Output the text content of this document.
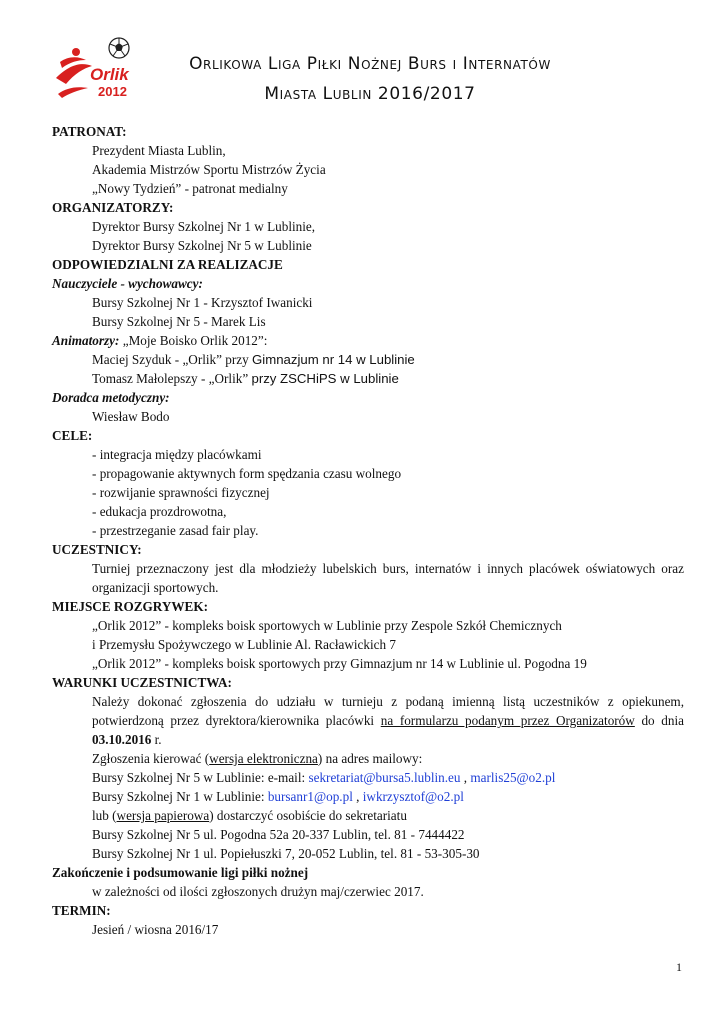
Orlik
2012
Orlikowa Liga Piłki Nożnej Burs i Internatów
Miasta Lublin 2016/2017
PATRONAT:
Prezydent Miasta Lublin,
Akademia Mistrzów Sportu Mistrzów Życia
„Nowy Tydzień” - patronat medialny
ORGANIZATORZY:
Dyrektor Bursy Szkolnej Nr 1 w Lublinie,
Dyrektor Bursy Szkolnej Nr 5 w Lublinie
ODPOWIEDZIALNI ZA REALIZACJE
Nauczyciele - wychowawcy:
Bursy Szkolnej Nr 1 - Krzysztof Iwanicki
Bursy Szkolnej Nr 5 - Marek Lis
Animatorzy: „Moje Boisko Orlik 2012”:
Maciej Szyduk - „Orlik” przy Gimnazjum nr 14 w Lublinie
Tomasz Małolepszy - „Orlik” przy ZSCHiPS w Lublinie
Doradca metodyczny:
Wiesław Bodo
CELE:
- integracja między placówkami
- propagowanie aktywnych form spędzania czasu wolnego
- rozwijanie sprawności fizycznej
- edukacja prozdrowotna,
- przestrzeganie zasad fair play.
UCZESTNICY:
Turniej przeznaczony jest dla młodzieży lubelskich burs, internatów i innych placówek oświatowych oraz organizacji sportowych.
MIEJSCE ROZGRYWEK:
„Orlik 2012” - kompleks boisk sportowych w Lublinie przy Zespole Szkół Chemicznych
i Przemysłu Spożywczego w Lublinie Al. Racławickich 7
„Orlik 2012” - kompleks boisk sportowych przy Gimnazjum nr 14 w Lublinie ul. Pogodna 19
WARUNKI UCZESTNICTWA:
Należy dokonać zgłoszenia do udziału w turnieju z podaną imienną listą uczestników z opiekunem, potwierdzoną przez dyrektora/kierownika placówki na formularzu podanym przez Organizatorów do dnia 03.10.2016 r.
Zgłoszenia kierować (wersja elektroniczna) na adres mailowy:
Bursy Szkolnej Nr 5 w Lublinie: e-mail: sekretariat@bursa5.lublin.eu , marlis25@o2.pl
Bursy Szkolnej Nr 1 w Lublinie: bursanr1@op.pl , iwkrzysztof@o2.pl
lub (wersja papierowa) dostarczyć osobiście do sekretariatu
Bursy Szkolnej Nr 5 ul. Pogodna 52a 20-337 Lublin, tel. 81 - 7444422
Bursy Szkolnej Nr 1 ul. Popiełuszki 7, 20-052 Lublin, tel. 81 - 53-305-30
Zakończenie i podsumowanie ligi piłki nożnej
w zależności od ilości zgłoszonych drużyn maj/czerwiec 2017.
TERMIN:
Jesień / wiosna 2016/17
1
